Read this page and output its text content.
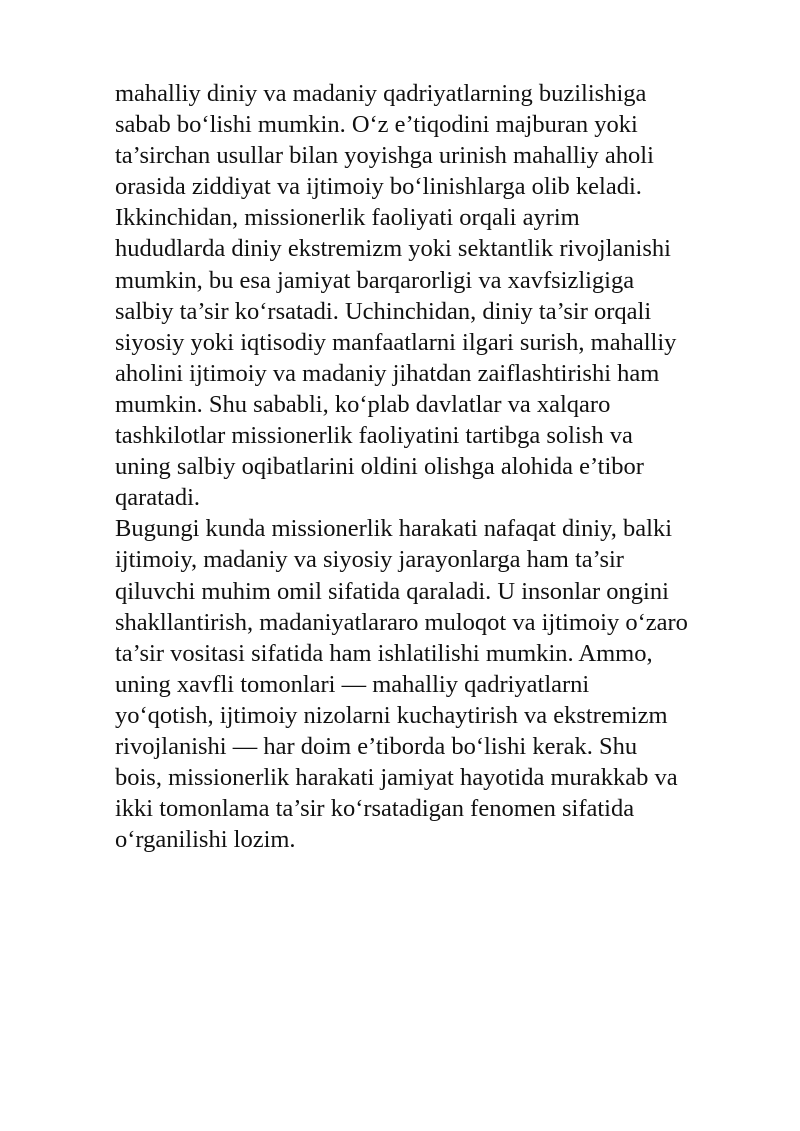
mahalliy diniy va madaniy qadriyatlarning buzilishiga
sabab bo‘lishi mumkin. O‘z e’tiqodini majburan yoki
ta’sirchan usullar bilan yoyishga urinish mahalliy aholi
orasida ziddiyat va ijtimoiy bo‘linishlarga olib keladi.
Ikkinchidan, missionerlik faoliyati orqali ayrim
hududlarda diniy ekstremizm yoki sektantlik rivojlanishi
mumkin, bu esa jamiyat barqarorligi va xavfsizligiga
salbiy ta’sir ko‘rsatadi. Uchinchidan, diniy ta’sir orqali
siyosiy yoki iqtisodiy manfaatlarni ilgari surish, mahalliy
aholini ijtimoiy va madaniy jihatdan zaiflashtirishi ham
mumkin. Shu sababli, ko‘plab davlatlar va xalqaro
tashkilotlar missionerlik faoliyatini tartibga solish va
uning salbiy oqibatlarini oldini olishga alohida e’tibor
qaratadi.
Bugungi kunda missionerlik harakati nafaqat diniy, balki
ijtimoiy, madaniy va siyosiy jarayonlarga ham ta’sir
qiluvchi muhim omil sifatida qaraladi. U insonlar ongini
shakllantirish, madaniyatlararo muloqot va ijtimoiy o‘zaro
ta’sir vositasi sifatida ham ishlatilishi mumkin. Ammo,
uning xavfli tomonlari — mahalliy qadriyatlarni
yo‘qotish, ijtimoiy nizolarni kuchaytirish va ekstremizm
rivojlanishi — har doim e’tiborda bo‘lishi kerak. Shu
bois, missionerlik harakati jamiyat hayotida murakkab va
ikki tomonlama ta’sir ko‘rsatadigan fenomen sifatida
o‘rganilishi lozim.
